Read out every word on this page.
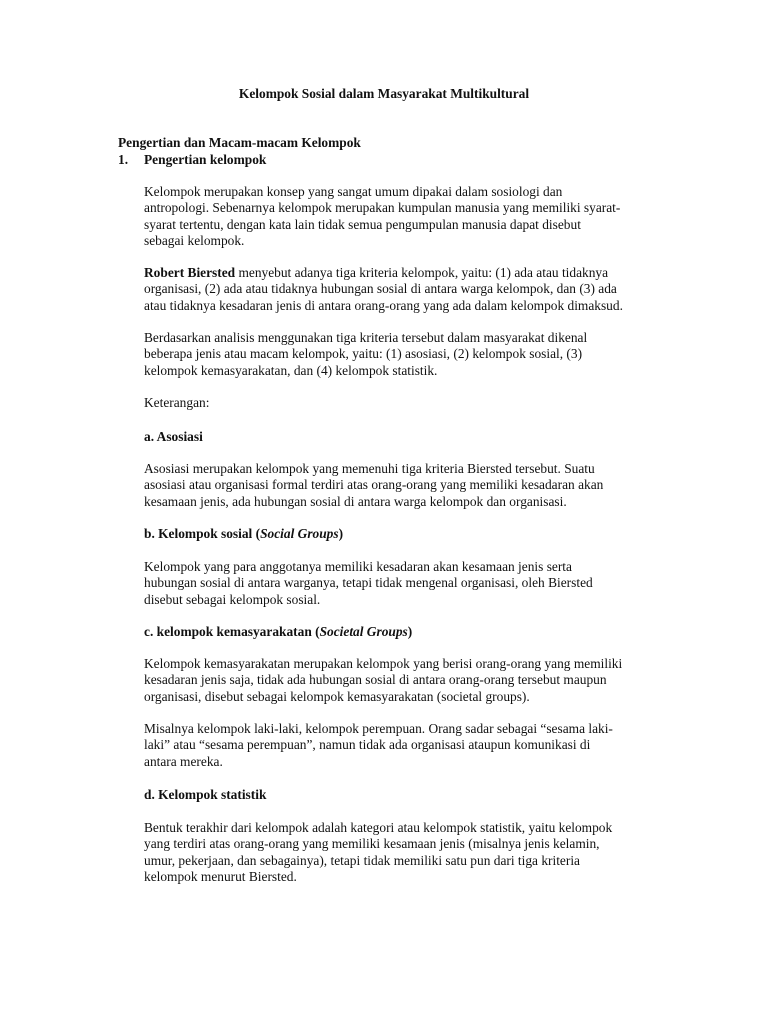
Kelompok Sosial dalam Masyarakat Multikultural
Pengertian dan Macam-macam Kelompok
1. Pengertian kelompok
Kelompok merupakan konsep yang sangat umum dipakai dalam sosiologi dan
antropologi. Sebenarnya kelompok merupakan kumpulan manusia yang memiliki syarat-
syarat tertentu, dengan kata lain tidak semua pengumpulan manusia dapat disebut
sebagai kelompok.
Robert Biersted menyebut adanya tiga kriteria kelompok, yaitu: (1) ada atau tidaknya
organisasi, (2) ada atau tidaknya hubungan sosial di antara warga kelompok, dan (3) ada
atau tidaknya kesadaran jenis di antara orang-orang yang ada dalam kelompok dimaksud.
Berdasarkan analisis menggunakan tiga kriteria tersebut dalam masyarakat dikenal
beberapa jenis atau macam kelompok, yaitu: (1) asosiasi, (2) kelompok sosial, (3)
kelompok kemasyarakatan, dan (4) kelompok statistik.
Keterangan:
a. Asosiasi
Asosiasi merupakan kelompok yang memenuhi tiga kriteria Biersted tersebut. Suatu
asosiasi atau organisasi formal terdiri atas orang-orang yang memiliki kesadaran akan
kesamaan jenis, ada hubungan sosial di antara warga kelompok dan organisasi.
b. Kelompok sosial (Social Groups)
Kelompok yang para anggotanya memiliki kesadaran akan kesamaan jenis serta
hubungan sosial di antara warganya, tetapi tidak mengenal organisasi, oleh Biersted
disebut sebagai kelompok sosial.
c. kelompok kemasyarakatan (Societal Groups)
Kelompok kemasyarakatan merupakan kelompok yang berisi orang-orang yang memiliki
kesadaran jenis saja, tidak ada hubungan sosial di antara orang-orang tersebut maupun
organisasi, disebut sebagai kelompok kemasyarakatan (societal groups).
Misalnya kelompok laki-laki, kelompok perempuan. Orang sadar sebagai “sesama laki-
laki” atau “sesama perempuan”, namun tidak ada organisasi ataupun komunikasi di
antara mereka.
d. Kelompok statistik
Bentuk terakhir dari kelompok adalah kategori atau kelompok statistik, yaitu kelompok
yang terdiri atas orang-orang yang memiliki kesamaan jenis (misalnya jenis kelamin,
umur, pekerjaan, dan sebagainya), tetapi tidak memiliki satu pun dari tiga kriteria
kelompok menurut Biersted.
